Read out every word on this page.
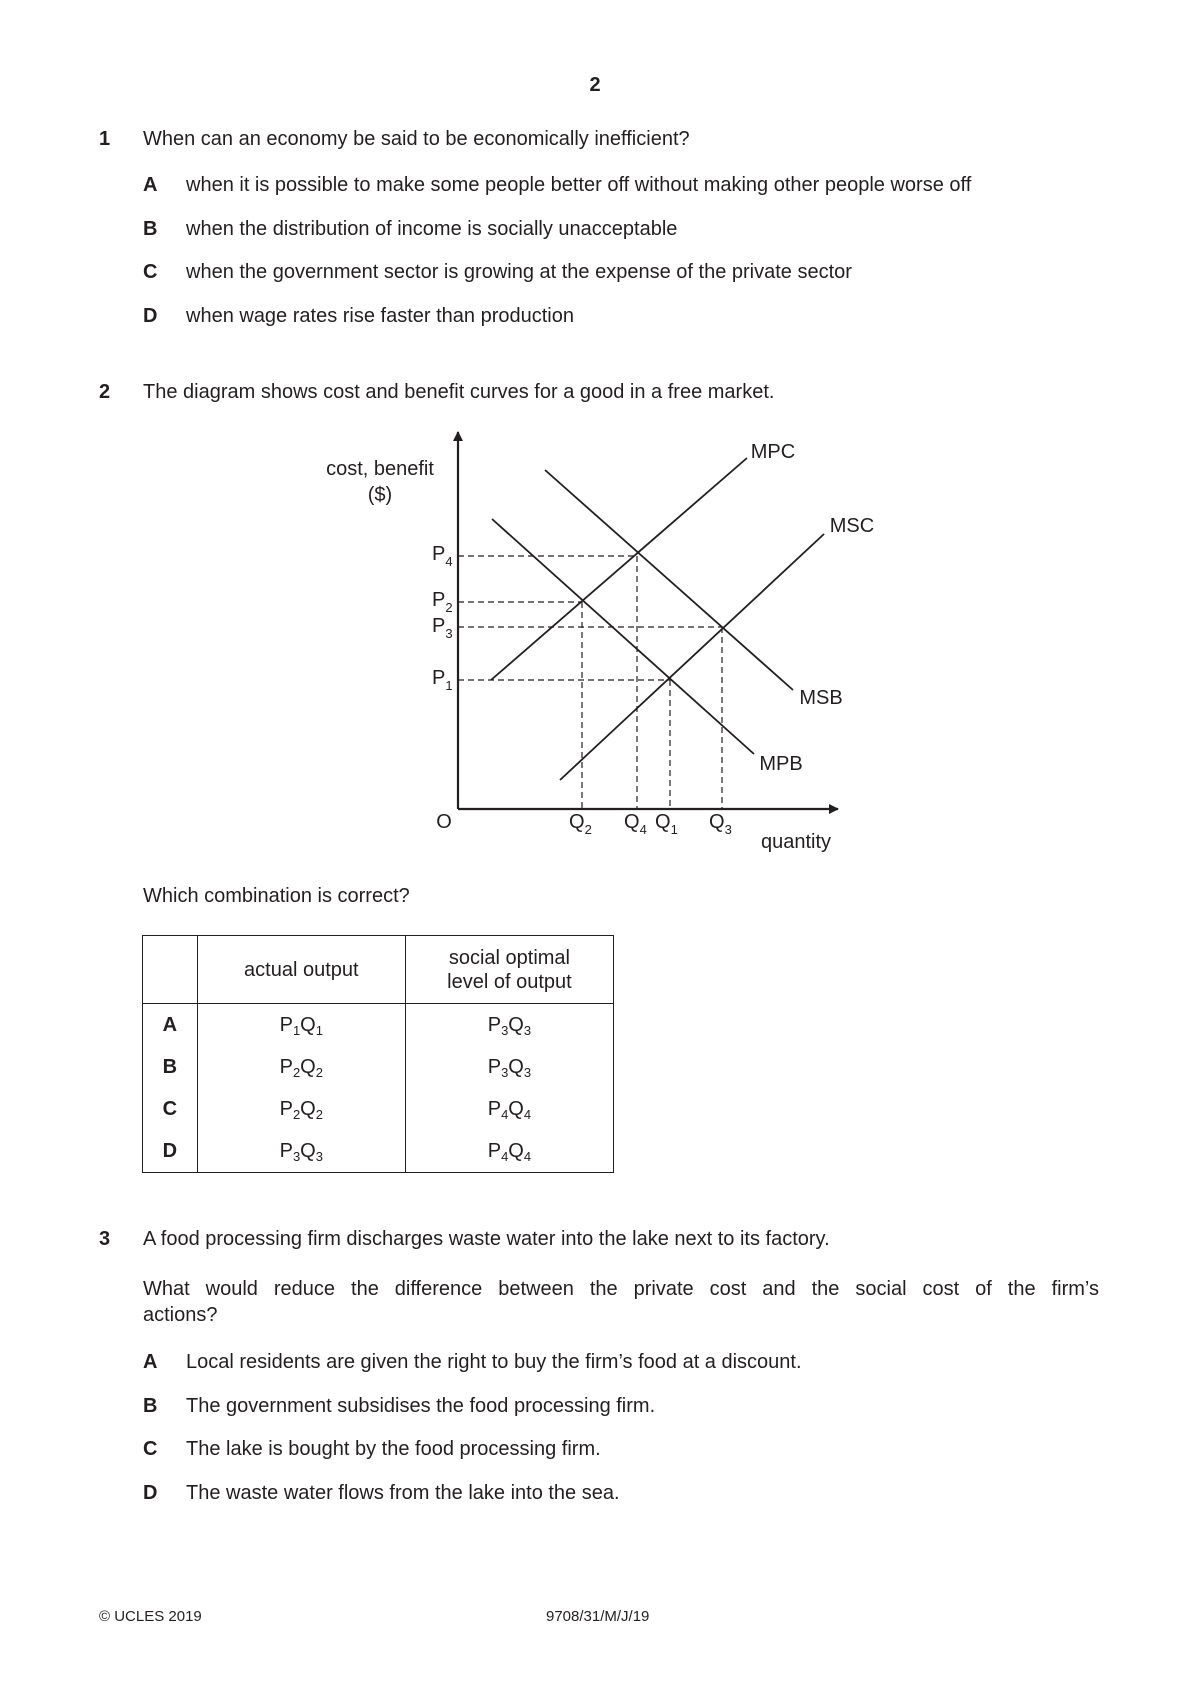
2
1 When can an economy be said to be economically inefficient?
A when it is possible to make some people better off without making other people worse off
B when the distribution of income is socially unacceptable
C when the government sector is growing at the expense of the private sector
D when wage rates rise faster than production
2 The diagram shows cost and benefit curves for a good in a free market.
cost, benefit
($)
quantity
O
MPC
MSC
MSB
MPB
$P_4$
$P_2$
$P_3$
$P_1$
$Q_2$ $Q_4$ $Q_1$ $Q_3$
Which combination is correct?
	actual output	social optimal
level of output

A	$P_1Q_1$	$P_3Q_3$
B	$P_2Q_2$	$P_3Q_3$
C	$P_2Q_2$	$P_4Q_4$
D	$P_3Q_3$	$P_4Q_4$
3 A food processing firm discharges waste water into the lake next to its factory.
What would reduce the difference between the private cost and the social cost of the firm’s
actions?
A Local residents are given the right to buy the firm’s food at a discount.
B The government subsidises the food processing firm.
C The lake is bought by the food processing firm.
D The waste water flows from the lake into the sea.
© UCLES 2019	9708/31/M/J/19
